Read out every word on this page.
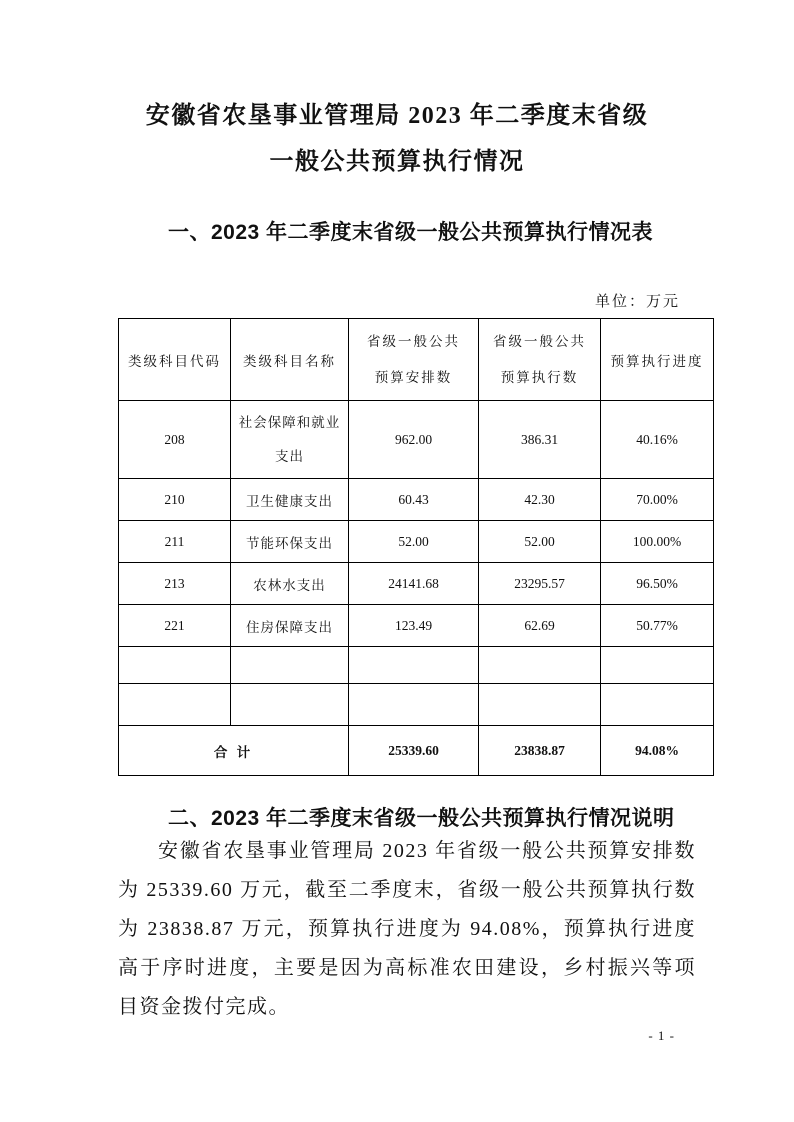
安徽省农垦事业管理局 2023 年二季度末省级
一般公共预算执行情况
一、2023 年二季度末省级一般公共预算执行情况表
单位：万元
类级科目代码	类级科目名称	省级一般公共预算安排数	省级一般公共预算执行数	预算执行进度
208	社会保障和就业支出	962.00	386.31	40.16%
210	卫生健康支出	60.43	42.30	70.00%
211	节能环保支出	52.00	52.00	100.00%
213	农林水支出	24141.68	23295.57	96.50%
221	住房保障支出	123.49	62.69	50.77%

合 计		25339.60	23838.87	94.08%
二、2023 年二季度末省级一般公共预算执行情况说明

安徽省农垦事业管理局 2023 年省级一般公共预算安排数为 25339.60 万元，截至二季度末，省级一般公共预算执行数为 23838.87 万元，预算执行进度为 94.08%，预算执行进度高于序时进度，主要是因为高标准农田建设，乡村振兴等项目资金拨付完成。

- 1 -
